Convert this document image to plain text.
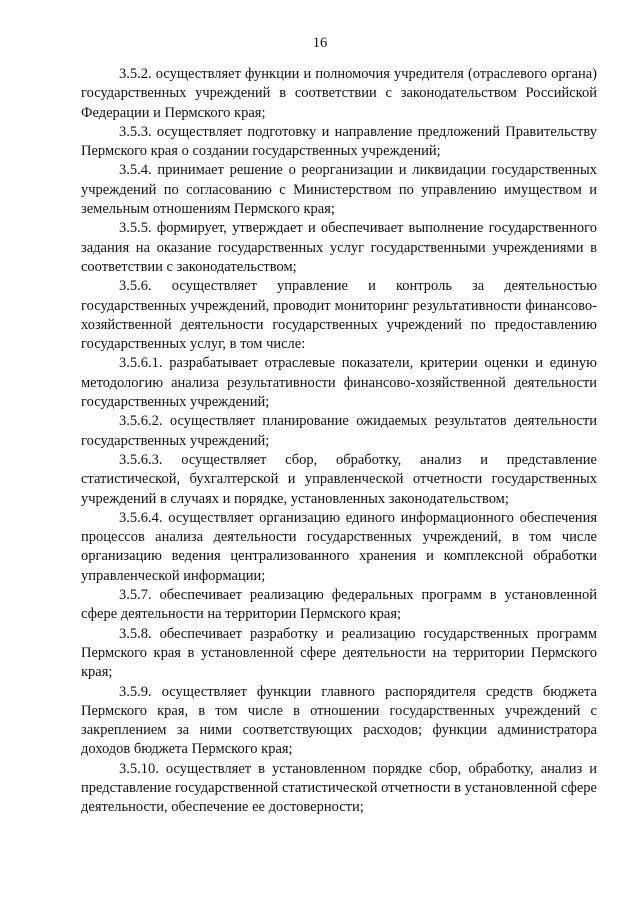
16

3.5.2. осуществляет функции и полномочия учредителя (отраслевого органа) государственных учреждений в соответствии с законодательством Российской Федерации и Пермского края;

3.5.3. осуществляет подготовку и направление предложений Правительству Пермского края о создании государственных учреждений;

3.5.4. принимает решение о реорганизации и ликвидации государственных учреждений по согласованию с Министерством по управлению имуществом и земельным отношениям Пермского края;

3.5.5. формирует, утверждает и обеспечивает выполнение государственного задания на оказание государственных услуг государственными учреждениями в соответствии с законодательством;

3.5.6. осуществляет управление и контроль за деятельностью государственных учреждений, проводит мониторинг результативности финансово-хозяйственной деятельности государственных учреждений по предоставлению государственных услуг, в том числе:

3.5.6.1. разрабатывает отраслевые показатели, критерии оценки и единую методологию анализа результативности финансово-хозяйственной деятельности государственных учреждений;

3.5.6.2. осуществляет планирование ожидаемых результатов деятельности государственных учреждений;

3.5.6.3. осуществляет сбор, обработку, анализ и представление статистической, бухгалтерской и управленческой отчетности государственных учреждений в случаях и порядке, установленных законодательством;

3.5.6.4. осуществляет организацию единого информационного обеспечения процессов анализа деятельности государственных учреждений, в том числе организацию ведения централизованного хранения и комплексной обработки управленческой информации;

3.5.7. обеспечивает реализацию федеральных программ в установленной сфере деятельности на территории Пермского края;

3.5.8. обеспечивает разработку и реализацию государственных программ Пермского края в установленной сфере деятельности на территории Пермского края;

3.5.9. осуществляет функции главного распорядителя средств бюджета Пермского края, в том числе в отношении государственных учреждений с закреплением за ними соответствующих расходов; функции администратора доходов бюджета Пермского края;

3.5.10. осуществляет в установленном порядке сбор, обработку, анализ и представление государственной статистической отчетности в установленной сфере деятельности, обеспечение ее достоверности;
